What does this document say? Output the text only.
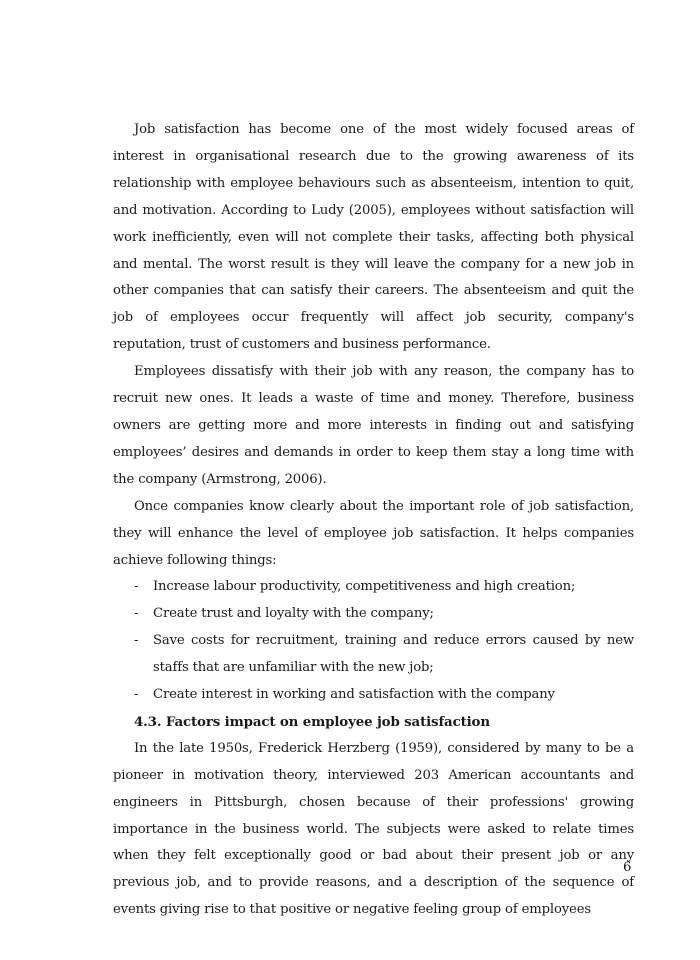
Job satisfaction has become one of the most widely focused areas of interest in organisational research due to the growing awareness of its relationship with employee behaviours such as absenteeism, intention to quit, and motivation. According to Ludy (2005), employees without satisfaction will work inefficiently, even will not complete their tasks, affecting both physical and mental. The worst result is they will leave the company for a new job in other companies that can satisfy their careers. The absenteeism and quit the job of employees occur frequently will affect job security, company's reputation, trust of customers and business performance.

Employees dissatisfy with their job with any reason, the company has to recruit new ones. It leads a waste of time and money. Therefore, business owners are getting more and more interests in finding out and satisfying employees’ desires and demands in order to keep them stay a long time with the company (Armstrong, 2006).

Once companies know clearly about the important role of job satisfaction, they will enhance the level of employee job satisfaction. It helps companies achieve following things:

- Increase labour productivity, competitiveness and high creation;
- Create trust and loyalty with the company;
- Save costs for recruitment, training and reduce errors caused by new staffs that are unfamiliar with the new job;
- Create interest in working and satisfaction with the company
4.3. Factors impact on employee job satisfaction

In the late 1950s, Frederick Herzberg (1959), considered by many to be a pioneer in motivation theory, interviewed 203 American accountants and engineers in Pittsburgh, chosen because of their professions' growing importance in the business world. The subjects were asked to relate times when they felt exceptionally good or bad about their present job or any previous job, and to provide reasons, and a description of the sequence of events giving rise to that positive or negative feeling group of employees

6
